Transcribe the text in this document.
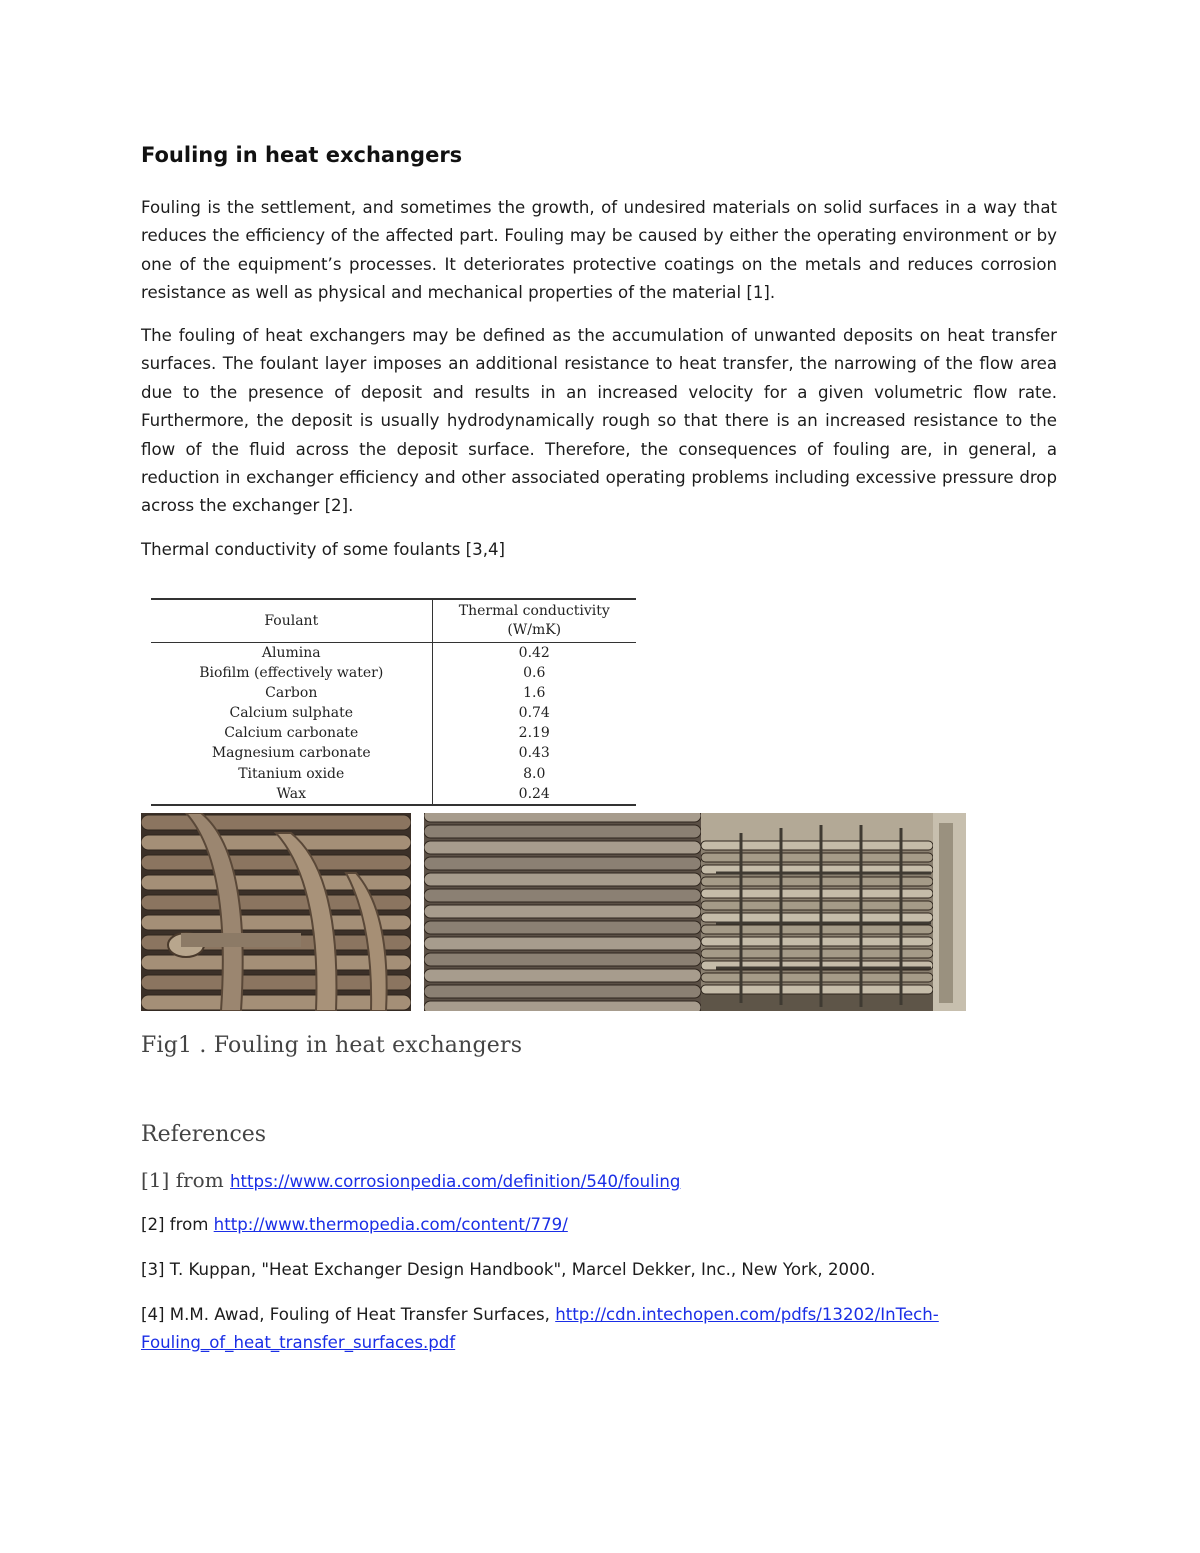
Fouling in heat exchangers

Fouling is the settlement, and sometimes the growth, of undesired materials on solid surfaces in a way that reduces the efficiency of the affected part. Fouling may be caused by either the operating environment or by one of the equipment’s processes. It deteriorates protective coatings on the metals and reduces corrosion resistance as well as physical and mechanical properties of the material [1].

The fouling of heat exchangers may be defined as the accumulation of unwanted deposits on heat transfer surfaces. The foulant layer imposes an additional resistance to heat transfer, the narrowing of the flow area due to the presence of deposit and results in an increased velocity for a given volumetric flow rate. Furthermore, the deposit is usually hydrodynamically rough so that there is an increased resistance to the flow of the fluid across the deposit surface. Therefore, the consequences of fouling are, in general, a reduction in exchanger efficiency and other associated operating problems including excessive pressure drop across the exchanger [2].

Thermal conductivity of some foulants [3,4]

Foulant	Thermal conductivity (W/mK)
Alumina	0.42
Biofilm (effectively water)	0.6
Carbon	1.6
Calcium sulphate	0.74
Calcium carbonate	2.19
Magnesium carbonate	0.43
Titanium oxide	8.0
Wax	0.24

Fig1 . Fouling in heat exchangers

References

[1] from https://www.corrosionpedia.com/definition/540/fouling

[2] from http://www.thermopedia.com/content/779/

[3] T. Kuppan, "Heat Exchanger Design Handbook", Marcel Dekker, Inc., New York, 2000.

[4] M.M. Awad, Fouling of Heat Transfer Surfaces, http://cdn.intechopen.com/pdfs/13202/InTech-Fouling_of_heat_transfer_surfaces.pdf
